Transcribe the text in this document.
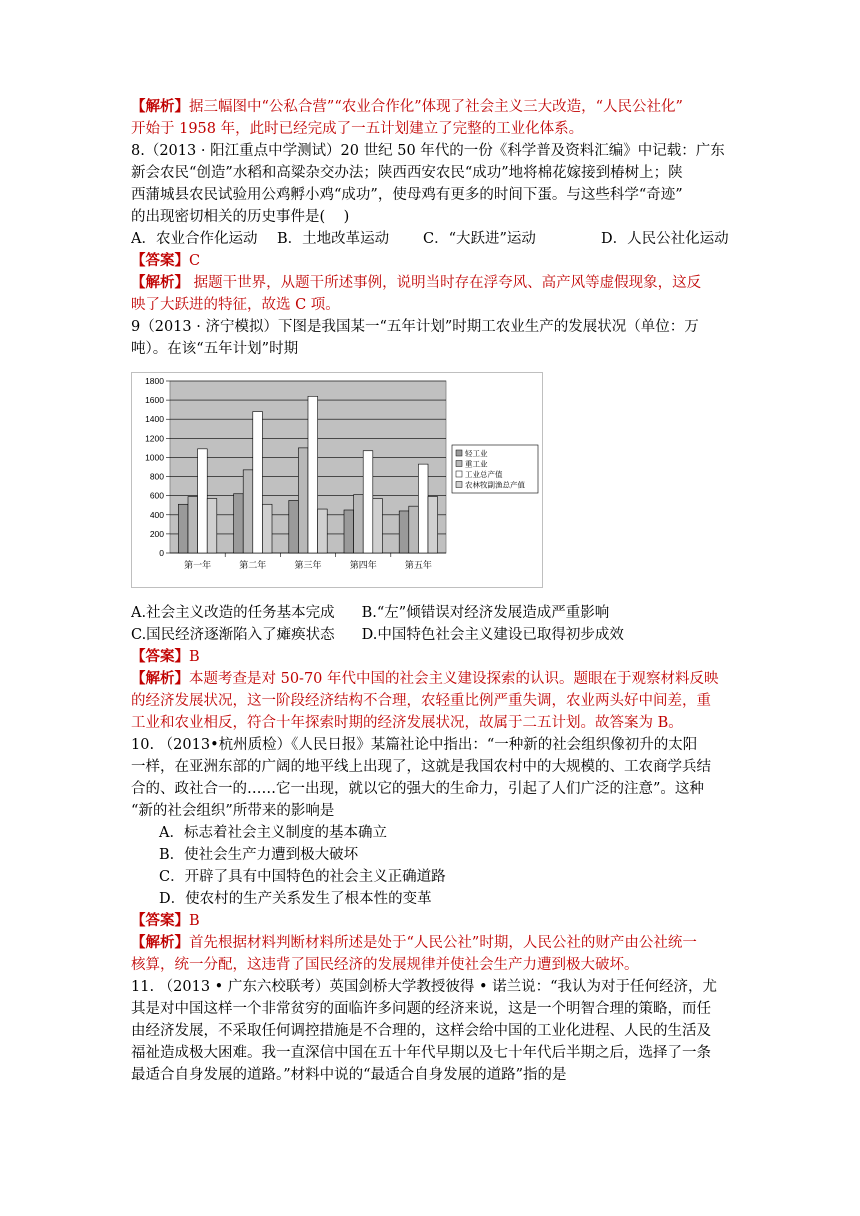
【解析】据三幅图中“公私合营”“农业合作化”体现了社会主义三大改造，“人民公社化”
开始于 1958 年，此时已经完成了一五计划建立了完整的工业化体系。
8.（2013 · 阳江重点中学测试）20 世纪 50 年代的一份《科学普及资料汇编》中记载：广东
新会农民“创造”水稻和高粱杂交办法；陕西西安农民“成功”地将棉花嫁接到椿树上；陕
西蒲城县农民试验用公鸡孵小鸡“成功”，使母鸡有更多的时间下蛋。与这些科学“奇迹”
的出现密切相关的历史事件是(    )
A．农业合作化运动	B．土地改革运动	C．“大跃进”运动	D．人民公社化运动
【答案】C
【解析】 据题干世界，从题干所述事例，说明当时存在浮夸风、高产风等虚假现象，这反
映了大跃进的特征，故选 C 项。
9（2013 · 济宁模拟）下图是我国某一“五年计划”时期工农业生产的发展状况（单位：万
吨）。在该“五年计划”时期
0
200
400
600
800
1000
1200
1400
1600
1800
第一年	第二年	第三年	第四年	第五年
轻工业
重工业
工业总产值
农林牧副渔总产值
A.社会主义改造的任务基本完成 B.“左”倾错误对经济发展造成严重影响
C.国民经济逐渐陷入了瘫痪状态 D.中国特色社会主义建设已取得初步成效
【答案】B
【解析】本题考查是对 50-70 年代中国的社会主义建设探索的认识。题眼在于观察材料反映
的经济发展状况，这一阶段经济结构不合理，农轻重比例严重失调，农业两头好中间差，重
工业和农业相反，符合十年探索时期的经济发展状况，故属于二五计划。故答案为 B。
10. （2013•杭州质检）《人民日报》某篇社论中指出：“一种新的社会组织像初升的太阳
一样，在亚洲东部的广阔的地平线上出现了，这就是我国农村中的大规模的、工农商学兵结
合的、政社合一的……它一出现，就以它的强大的生命力，引起了人们广泛的注意”。这种
“新的社会组织”所带来的影响是
A．标志着社会主义制度的基本确立
B．使社会生产力遭到极大破坏
C．开辟了具有中国特色的社会主义正确道路
D．使农村的生产关系发生了根本性的变革
【答案】B
【解析】首先根据材料判断材料所述是处于“人民公社”时期，人民公社的财产由公社统一
核算，统一分配，这违背了国民经济的发展规律并使社会生产力遭到极大破坏。
11. （2013 • 广东六校联考）英国剑桥大学教授彼得 • 诺兰说：“我认为对于任何经济，尤
其是对中国这样一个非常贫穷的面临许多问题的经济来说，这是一个明智合理的策略，而任
由经济发展，不采取任何调控措施是不合理的，这样会给中国的工业化进程、人民的生活及
福祉造成极大困难。我一直深信中国在五十年代早期以及七十年代后半期之后，选择了一条
最适合自身发展的道路。”材料中说的“最适合自身发展的道路”指的是
